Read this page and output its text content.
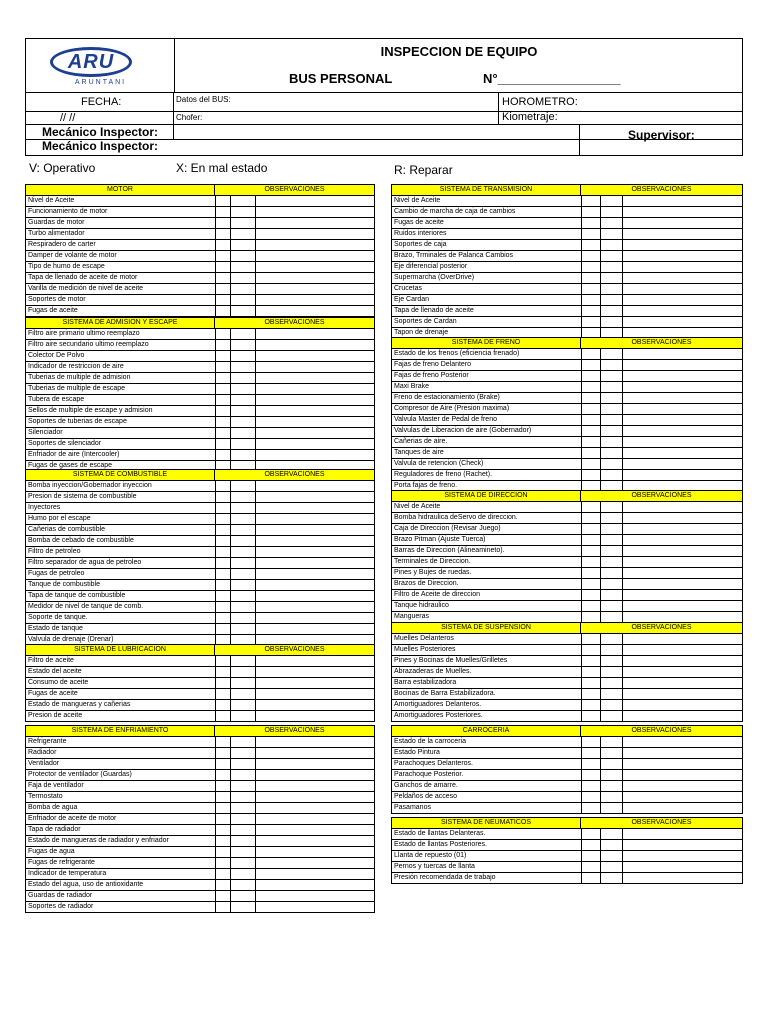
ARU
ARUNTANI
INSPECCION DE EQUIPO
BUS PERSONAL	N°_________________
FECHA:
// //
Datos del BUS:
Chofer:
HOROMETRO:
Kiometraje:
Mecánico Inspector:
Mecánico Inspector:
Supervisor:
V: Operativo	X: En mal estado	R: Reparar
MOTOR	OBSERVACIONES
Nivel de Aceite
Funcionamiento de motor
Guardas de motor
Turbo alimentador
Respiradero de carter
Damper de volante de motor
Tipo de humo de escape
Tapa de llenado de aceite de motor
Varilla de medición de nivel de aceite
Soportes de motor
Fugas de aceite
SISTEMA DE ADMISION Y ESCAPE	OBSERVACIONES
Filtro aire primario ultimo reemplazo
Filtro aire secundario ultimo reemplazo
Colector De Polvo
Indicador de restriccion de aire
Tuberias de multiple de admision
Tuberias de multiple de escape
Tubera de escape
Sellos de multiple de escape y admision
Soportes de tuberias de escape
Silenciador
Soportes de silenciador
Enfriador de aire (Intercooler)
Fugas de gases de escape
SISTEMA DE COMBUSTIBLE	OBSERVACIONES
Bomba inyeccion/Gobernador inyeccion
Presion de sistema de combustible
Inyectores
Humo por el escape
Cañerias de combustible
Bomba de cebado de combustible
Filtro de petroleo
Filtro separador de agua de petroleo
Fugas de petroleo
Tanque de combustible
Tapa de tanque de combustible
Medidor de nivel de tanque de comb.
Soporte de tanque.
Estado de tanque
Valvula de drenaje (Drenar)
SISTEMA DE LUBRICACION	OBSERVACIONES
Filtro de aceite
Estado del aceite
Consumo de aceite
Fugas de aceite
Estado de mangueras y cañerias
Presion de aceite
SISTEMA DE ENFRIAMIENTO	OBSERVACIONES
Refrigerante
Radiador
Ventilador
Protector de ventilador (Guardas)
Faja de ventilador
Termostato
Bomba de agua
Enfriador de aceite de motor
Tapa de radiador
Estado de mangueras de radiador y enfriador
Fugas de agua
Fugas de refrigerante
Indicador de temperatura
Estado del agua, uso de antioxidante
Guardas de radiador
Soportes de radiador
SISTEMA DE TRANSMISION	OBSERVACIONES
Nivel de Aceite
Cambio de marcha de caja de cambios
Fugas de aceite
Ruidos interiores
Soportes de caja
Brazo, Trminales de Palanca Cambios
Eje diferencial posterior
Supermarcha (OverDrive)
Crucetas
Eje Cardan
Tapa de llenado de aceite
Soportes de Cardan
Tapon de drenaje
SISTEMA DE FRENO	OBSERVACIONES
Estado de los frenos (eficiencia frenado)
Fajas de freno Delantero
Fajas de freno Posterior
Maxi Brake
Freno de estacionamiento (Brake)
Compresor de Aire (Presion maxima)
Valvula Master de Pedal de freno
Valvulas de Liberacion de aire (Gobernador)
Cañerias de aire.
Tanques de aire
Valvula de retencion (Check)
Reguladores de freno (Rachet).
Porta fajas de freno.
SISTEMA DE DIRECCION	OBSERVACIONES
Nivel de Aceite
Bomba hidraulica deServo de direccion.
Caja de Direccion (Revisar Juego)
Brazo Pitman (Ajuste Tuerca)
Barras de Direccion (Alineamineto).
Terminales de Direccion.
Pines y Bujes de ruedas.
Brazos de Direccion.
Filtro de Aceite de direccion
Tanque hidraulico
Mangueras
SISTEMA DE SUSPENSION	OBSERVACIONES
Muelles Delanteros
Muelles Posteriores
Pines y Bocinas de Muelles/Grilletes
Abrazaderas de Muelles.
Barra estabilizadora
Bocinas de Barra Estabilizadora.
Amortiguadores Delanteros.
Amortiguadores Posteriores.
CARROCERIA	OBSERVACIONES
Estado de la carroceria
Estado Pintura
Parachoques Delanteros.
Parachoque Posterior.
Ganchos de amarre.
Peldaños de acceso
Pasamanos
SISTEMA DE NEUMATICOS	OBSERVACIONES
Estado de llantas Delanteras.
Estado de llantas Posteriores.
Llanta de repuesto (01)
Pernos y tuercas de llanta
Presión recomendada de trabajo
